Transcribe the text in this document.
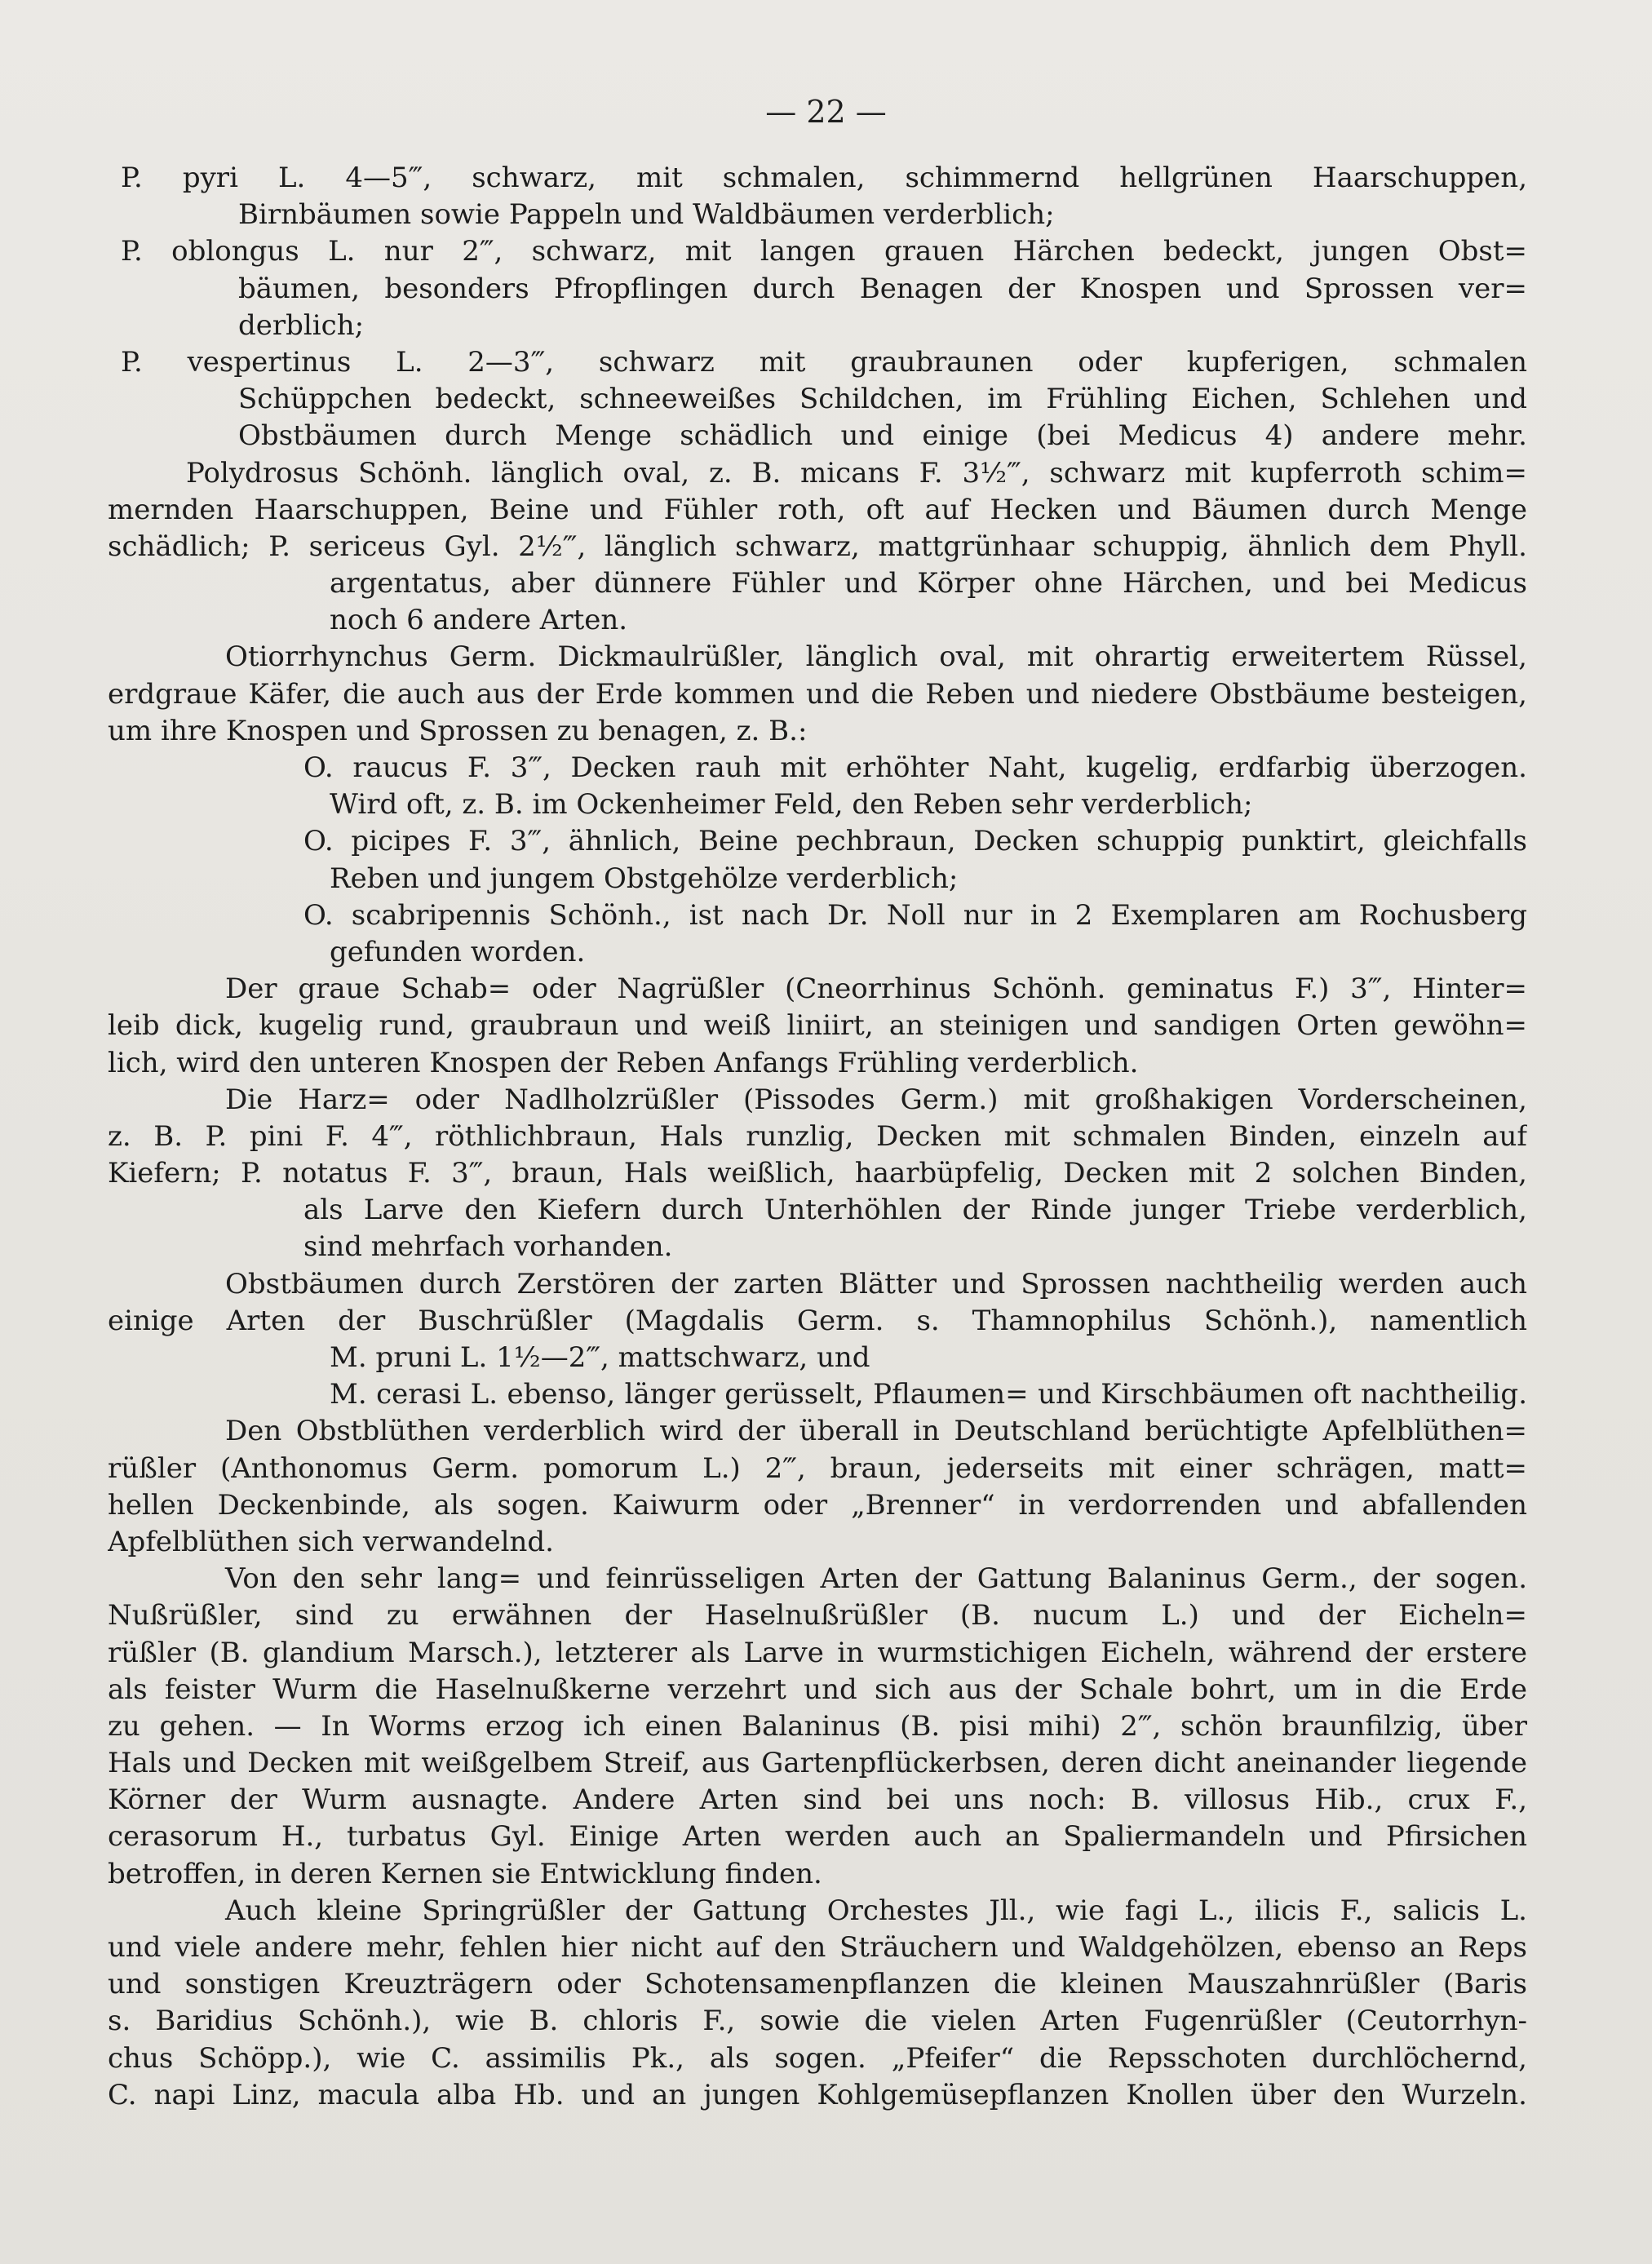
— 22 —
P. pyri L. 4—5‴, schwarz, mit schmalen, schimmernd hellgrünen Haarschuppen,
Birnbäumen sowie Pappeln und Waldbäumen verderblich;
P. oblongus L. nur 2‴, schwarz, mit langen grauen Härchen bedeckt, jungen Obst=
bäumen, besonders Pfropflingen durch Benagen der Knospen und Sprossen ver=
derblich;
P. vespertinus L. 2—3‴, schwarz mit graubraunen oder kupferigen, schmalen
Schüppchen bedeckt, schneeweißes Schildchen, im Frühling Eichen, Schlehen und
Obstbäumen durch Menge schädlich und einige (bei Medicus 4) andere mehr.
Polydrosus Schönh. länglich oval, z. B. micans F. 3½‴, schwarz mit kupferroth schim=
mernden Haarschuppen, Beine und Fühler roth, oft auf Hecken und Bäumen durch Menge
schädlich; P. sericeus Gyl. 2½‴, länglich schwarz, mattgrünhaar schuppig, ähnlich dem Phyll.
argentatus, aber dünnere Fühler und Körper ohne Härchen, und bei Medicus
noch 6 andere Arten.
Otiorrhynchus Germ. Dickmaulrüßler, länglich oval, mit ohrartig erweitertem Rüssel,
erdgraue Käfer, die auch aus der Erde kommen und die Reben und niedere Obstbäume besteigen,
um ihre Knospen und Sprossen zu benagen, z. B.:
O. raucus F. 3‴, Decken rauh mit erhöhter Naht, kugelig, erdfarbig überzogen.
Wird oft, z. B. im Ockenheimer Feld, den Reben sehr verderblich;
O. picipes F. 3‴, ähnlich, Beine pechbraun, Decken schuppig punktirt, gleichfalls
Reben und jungem Obstgehölze verderblich;
O. scabripennis Schönh., ist nach Dr. Noll nur in 2 Exemplaren am Rochusberg
gefunden worden.
Der graue Schab= oder Nagrüßler (Cneorrhinus Schönh. geminatus F.) 3‴, Hinter=
leib dick, kugelig rund, graubraun und weiß liniirt, an steinigen und sandigen Orten gewöhn=
lich, wird den unteren Knospen der Reben Anfangs Frühling verderblich.
Die Harz= oder Nadlholzrüßler (Pissodes Germ.) mit großhakigen Vorderscheinen,
z. B. P. pini F. 4‴, röthlichbraun, Hals runzlig, Decken mit schmalen Binden, einzeln auf
Kiefern; P. notatus F. 3‴, braun, Hals weißlich, haarbüpfelig, Decken mit 2 solchen Binden,
als Larve den Kiefern durch Unterhöhlen der Rinde junger Triebe verderblich,
sind mehrfach vorhanden.
Obstbäumen durch Zerstören der zarten Blätter und Sprossen nachtheilig werden auch
einige Arten der Buschrüßler (Magdalis Germ. s. Thamnophilus Schönh.), namentlich
M. pruni L. 1½—2‴, mattschwarz, und
M. cerasi L. ebenso, länger gerüsselt, Pflaumen= und Kirschbäumen oft nachtheilig.
Den Obstblüthen verderblich wird der überall in Deutschland berüchtigte Apfelblüthen=
rüßler (Anthonomus Germ. pomorum L.) 2‴, braun, jederseits mit einer schrägen, matt=
hellen Deckenbinde, als sogen. Kaiwurm oder „Brenner“ in verdorrenden und abfallenden
Apfelblüthen sich verwandelnd.
Von den sehr lang= und feinrüsseligen Arten der Gattung Balaninus Germ., der sogen.
Nußrüßler, sind zu erwähnen der Haselnußrüßler (B. nucum L.) und der Eicheln=
rüßler (B. glandium Marsch.), letzterer als Larve in wurmstichigen Eicheln, während der erstere
als feister Wurm die Haselnußkerne verzehrt und sich aus der Schale bohrt, um in die Erde
zu gehen. — In Worms erzog ich einen Balaninus (B. pisi mihi) 2‴, schön braunfilzig, über
Hals und Decken mit weißgelbem Streif, aus Gartenpflückerbsen, deren dicht aneinander liegende
Körner der Wurm ausnagte. Andere Arten sind bei uns noch: B. villosus Hib., crux F.,
cerasorum H., turbatus Gyl. Einige Arten werden auch an Spaliermandeln und Pfirsichen
betroffen, in deren Kernen sie Entwicklung finden.
Auch kleine Springrüßler der Gattung Orchestes Jll., wie fagi L., ilicis F., salicis L.
und viele andere mehr, fehlen hier nicht auf den Sträuchern und Waldgehölzen, ebenso an Reps
und sonstigen Kreuzträgern oder Schotensamenpflanzen die kleinen Mauszahnrüßler (Baris
s. Baridius Schönh.), wie B. chloris F., sowie die vielen Arten Fugenrüßler (Ceutorrhyn-
chus Schöpp.), wie C. assimilis Pk., als sogen. „Pfeifer“ die Repsschoten durchlöchernd,
C. napi Linz, macula alba Hb. und an jungen Kohlgemüsepflanzen Knollen über den Wurzeln.
